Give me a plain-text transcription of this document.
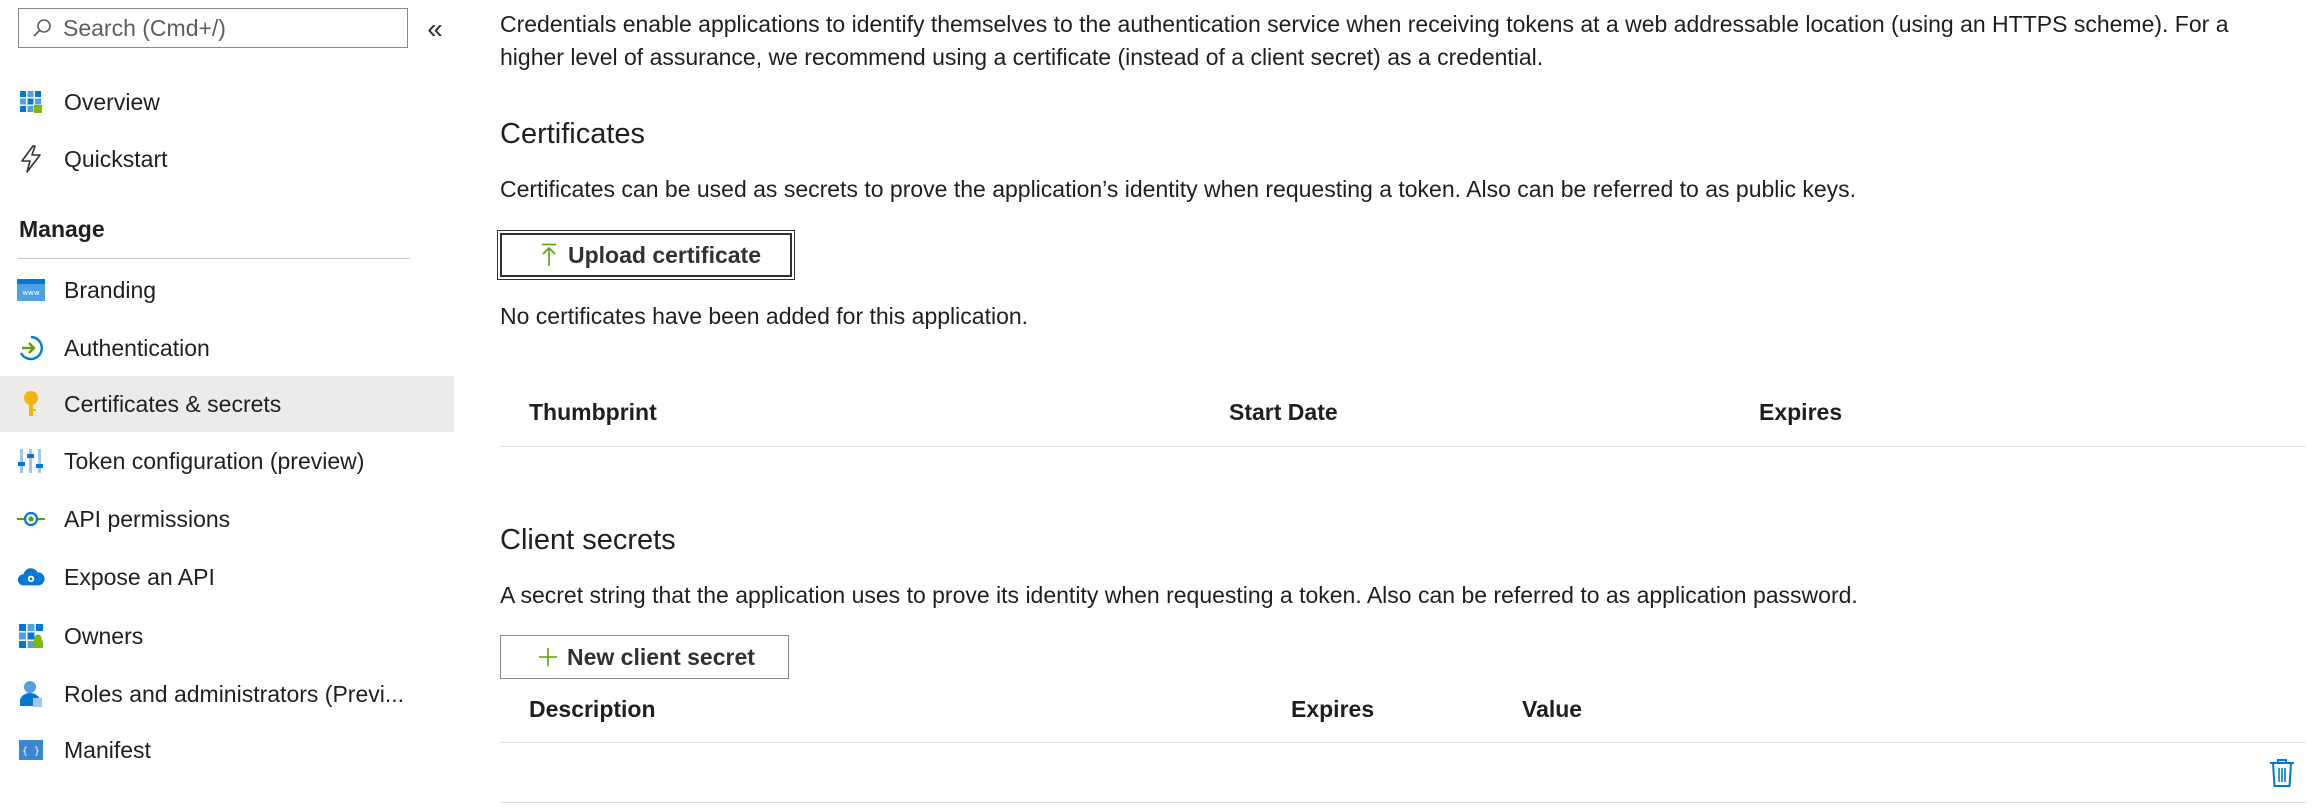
Search (Cmd+/)
«
Overview
Quickstart
Manage
www Branding
Authentication
Certificates & secrets
Token configuration (preview)
API permissions
Expose an API
Owners
Roles and administrators (Previ...
{ } Manifest
Credentials enable applications to identify themselves to the authentication service when receiving tokens at a web addressable location (using an HTTPS scheme). For a higher level of assurance, we recommend using a certificate (instead of a client secret) as a credential.
Certificates
Certificates can be used as secrets to prove the application’s identity when requesting a token. Also can be referred to as public keys.
Upload certificate
No certificates have been added for this application.
Thumbprint	Start Date	Expires
Client secrets
A secret string that the application uses to prove its identity when requesting a token. Also can be referred to as application password.
New client secret
Description	Expires	Value
